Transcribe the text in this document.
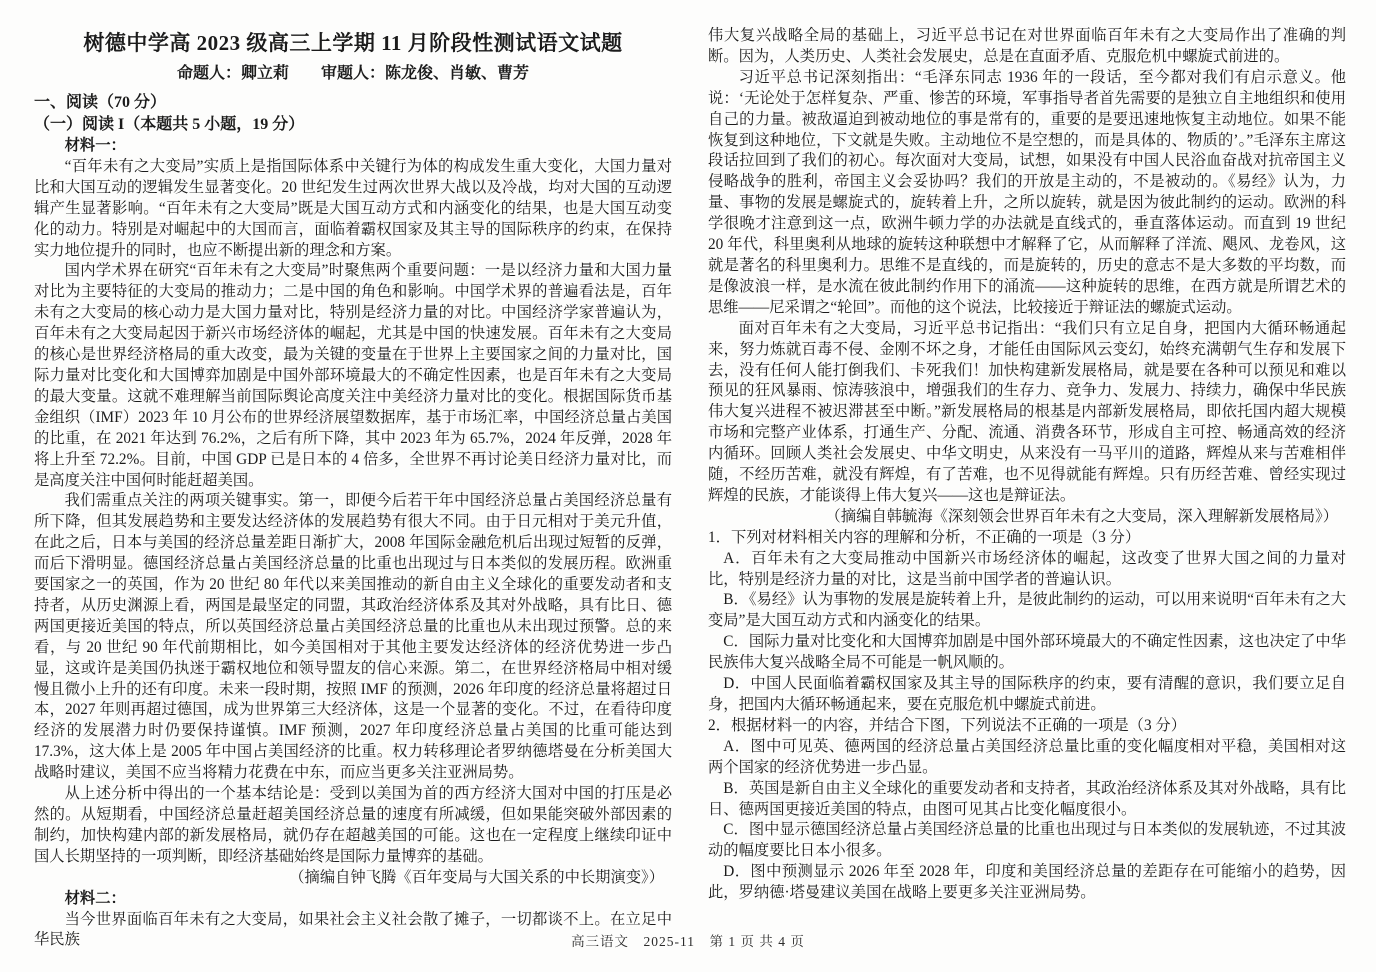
树德中学高 2023 级高三上学期 11 月阶段性测试语文试题
命题人：卿立莉　　审题人：陈龙俊、肖敏、曹芳
一、阅读（70 分）
（一）阅读 I（本题共 5 小题，19 分）

材料一：

“百年未有之大变局”实质上是指国际体系中关键行为体的构成发生重大变化，大国力量对比和大国互动的逻辑发生显著变化。20 世纪发生过两次世界大战以及冷战，均对大国的互动逻辑产生显著影响。“百年未有之大变局”既是大国互动方式和内涵变化的结果，也是大国互动变化的动力。特别是对崛起中的大国而言，面临着霸权国家及其主导的国际秩序的约束，在保持实力地位提升的同时，也应不断提出新的理念和方案。

国内学术界在研究“百年未有之大变局”时聚焦两个重要问题：一是以经济力量和大国力量对比为主要特征的大变局的推动力；二是中国的角色和影响。中国学术界的普遍看法是，百年未有之大变局的核心动力是大国力量对比，特别是经济力量的对比。中国经济学家普遍认为，百年未有之大变局起因于新兴市场经济体的崛起，尤其是中国的快速发展。百年未有之大变局的核心是世界经济格局的重大改变，最为关键的变量在于世界上主要国家之间的力量对比，国际力量对比变化和大国博弈加剧是中国外部环境最大的不确定性因素，也是百年未有之大变局的最大变量。这就不难理解当前国际舆论高度关注中美经济力量对比的变化。根据国际货币基金组织（IMF）2023 年 10 月公布的世界经济展望数据库，基于市场汇率，中国经济总量占美国的比重，在 2021 年达到 76.2%，之后有所下降，其中 2023 年为 65.7%，2024 年反弹，2028 年将上升至 72.2%。目前，中国 GDP 已是日本的 4 倍多，全世界不再讨论美日经济力量对比，而是高度关注中国何时能赶超美国。

我们需重点关注的两项关键事实。第一，即便今后若干年中国经济总量占美国经济总量有所下降，但其发展趋势和主要发达经济体的发展趋势有很大不同。由于日元相对于美元升值，在此之后，日本与美国的经济总量差距日渐扩大，2008 年国际金融危机后出现过短暂的反弹，而后下滑明显。德国经济总量占美国经济总量的比重也出现过与日本类似的发展历程。欧洲重要国家之一的英国，作为 20 世纪 80 年代以来美国推动的新自由主义全球化的重要发动者和支持者，从历史渊源上看，两国是最坚定的同盟，其政治经济体系及其对外战略，具有比日、德两国更接近美国的特点，所以英国经济总量占美国经济总量的比重也从未出现过预警。总的来看，与 20 世纪 90 年代前期相比，如今美国相对于其他主要发达经济体的经济优势进一步凸显，这或许是美国仍执迷于霸权地位和领导盟友的信心来源。第二，在世界经济格局中相对缓慢且微小上升的还有印度。未来一段时期，按照 IMF 的预测，2026 年印度的经济总量将超过日本，2027 年则再超过德国，成为世界第三大经济体，这是一个显著的变化。不过，在看待印度经济的发展潜力时仍要保持谨慎。IMF 预测，2027 年印度经济总量占美国的比重可能达到 17.3%，这大体上是 2005 年中国占美国经济的比重。权力转移理论者罗纳德塔曼在分析美国大战略时建议，美国不应当将精力花费在中东，而应当更多关注亚洲局势。

从上述分析中得出的一个基本结论是：受到以美国为首的西方经济大国对中国的打压是必然的。从短期看，中国经济总量赶超美国经济总量的速度有所减缓，但如果能突破外部因素的制约，加快构建内部的新发展格局，就仍存在超越美国的可能。这也在一定程度上继续印证中国人长期坚持的一项判断，即经济基础始终是国际力量博弈的基础。

（摘编自钟飞腾《百年变局与大国关系的中长期演变》）

材料二：

当今世界面临百年未有之大变局，如果社会主义社会散了摊子，一切都谈不上。在立足中华民族

伟大复兴战略全局的基础上，习近平总书记在对世界面临百年未有之大变局作出了准确的判断。因为，人类历史、人类社会发展史，总是在直面矛盾、克服危机中螺旋式前进的。

习近平总书记深刻指出：“毛泽东同志 1936 年的一段话，至今都对我们有启示意义。他说：‘无论处于怎样复杂、严重、惨苦的环境，军事指导者首先需要的是独立自主地组织和使用自己的力量。被敌逼迫到被动地位的事是常有的，重要的是要迅速地恢复主动地位。如果不能恢复到这种地位，下文就是失败。主动地位不是空想的，而是具体的、物质的’。”毛泽东主席这段话拉回到了我们的初心。每次面对大变局，试想，如果没有中国人民浴血奋战对抗帝国主义侵略战争的胜利，帝国主义会妥协吗？我们的开放是主动的，不是被动的。《易经》认为，力量、事物的发展是螺旋式的，旋转着上升，之所以旋转，就是因为彼此制约的运动。欧洲的科学很晚才注意到这一点，欧洲牛顿力学的办法就是直线式的，垂直落体运动。而直到 19 世纪 20 年代，科里奥利从地球的旋转这种联想中才解释了它，从而解释了洋流、飓风、龙卷风，这就是著名的科里奥利力。思维不是直线的，而是旋转的，历史的意志不是大多数的平均数，而是像波浪一样，是水流在彼此制约作用下的涌流——这种旋转的思维，在西方就是所谓艺术的思维——尼采谓之“轮回”。而他的这个说法，比较接近于辩证法的螺旋式运动。

面对百年未有之大变局，习近平总书记指出：“我们只有立足自身，把国内大循环畅通起来，努力炼就百毒不侵、金刚不坏之身，才能任由国际风云变幻，始终充满朝气生存和发展下去，没有任何人能打倒我们、卡死我们！加快构建新发展格局，就是要在各种可以预见和难以预见的狂风暴雨、惊涛骇浪中，增强我们的生存力、竞争力、发展力、持续力，确保中华民族伟大复兴进程不被迟滞甚至中断。”新发展格局的根基是内部新发展格局，即依托国内超大规模市场和完整产业体系，打通生产、分配、流通、消费各环节，形成自主可控、畅通高效的经济内循环。回顾人类社会发展史、中华文明史，从来没有一马平川的道路，辉煌从来与苦难相伴随，不经历苦难，就没有辉煌，有了苦难，也不见得就能有辉煌。只有历经苦难、曾经实现过辉煌的民族，才能谈得上伟大复兴——这也是辩证法。

（摘编自韩毓海《深刻领会世界百年未有之大变局，深入理解新发展格局》）

1．下列对材料相关内容的理解和分析，不正确的一项是（3 分）

A．百年未有之大变局推动中国新兴市场经济体的崛起，这改变了世界大国之间的力量对比，特别是经济力量的对比，这是当前中国学者的普遍认识。

B．《易经》认为事物的发展是旋转着上升，是彼此制约的运动，可以用来说明“百年未有之大变局”是大国互动方式和内涵变化的结果。

C．国际力量对比变化和大国博弈加剧是中国外部环境最大的不确定性因素，这也决定了中华民族伟大复兴战略全局不可能是一帆风顺的。

D．中国人民面临着霸权国家及其主导的国际秩序的约束，要有清醒的意识，我们要立足自身，把国内大循环畅通起来，要在克服危机中螺旋式前进。

2．根据材料一的内容，并结合下图，下列说法不正确的一项是（3 分）

A．图中可见英、德两国的经济总量占美国经济总量比重的变化幅度相对平稳，美国相对这两个国家的经济优势进一步凸显。

B．英国是新自由主义全球化的重要发动者和支持者，其政治经济体系及其对外战略，具有比日、德两国更接近美国的特点，由图可见其占比变化幅度很小。

C．图中显示德国经济总量占美国经济总量的比重也出现过与日本类似的发展轨迹，不过其波动的幅度要比日本小很多。

D．图中预测显示 2026 年至 2028 年，印度和美国经济总量的差距存在可能缩小的趋势，因此，罗纳德·塔曼建议美国在战略上要更多关注亚洲局势。

高三语文　2025-11　第 1 页 共 4 页
